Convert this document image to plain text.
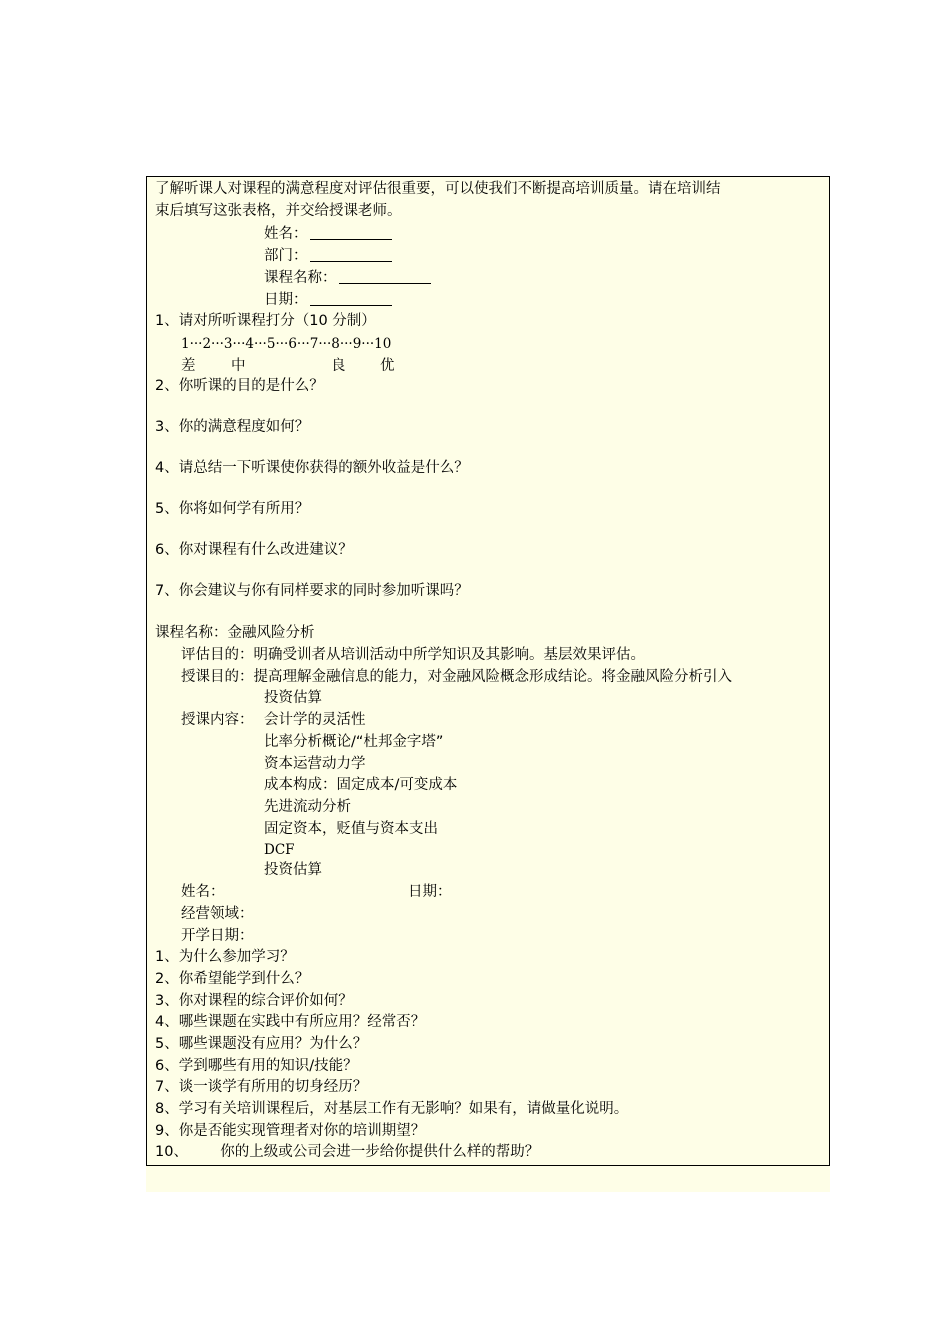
了解听课人对课程的满意程度对评估很重要，可以使我们不断提高培训质量。请在培训结
束后填写这张表格，并交给授课老师。
姓名：
部门：
课程名称：
日期：
1、请对所听课程打分（10 分制）
1···2···3···4···5···6···7···8···9···10
差 中	良 优
2、你听课的目的是什么？
3、你的满意程度如何？
4、请总结一下听课使你获得的额外收益是什么？
5、你将如何学有所用？
6、你对课程有什么改进建议？
7、你会建议与你有同样要求的同时参加听课吗？
课程名称：金融风险分析
评估目的：明确受训者从培训活动中所学知识及其影响。基层效果评估。
授课目的：提高理解金融信息的能力，对金融风险概念形成结论。将金融风险分析引入
投资估算
授课内容： 会计学的灵活性
比率分析概论/“杜邦金字塔”
资本运营动力学
成本构成：固定成本/可变成本
先进流动分析
固定资本，贬值与资本支出
DCF
投资估算
姓名：	日期：
经营领域：
开学日期：
1、为什么参加学习？
2、你希望能学到什么？
3、你对课程的综合评价如何？
4、哪些课题在实践中有所应用？经常否？
5、哪些课题没有应用？为什么？
6、学到哪些有用的知识/技能？
7、谈一谈学有所用的切身经历？
8、学习有关培训课程后，对基层工作有无影响？如果有，请做量化说明。
9、你是否能实现管理者对你的培训期望？
10、       你的上级或公司会进一步给你提供什么样的帮助？
